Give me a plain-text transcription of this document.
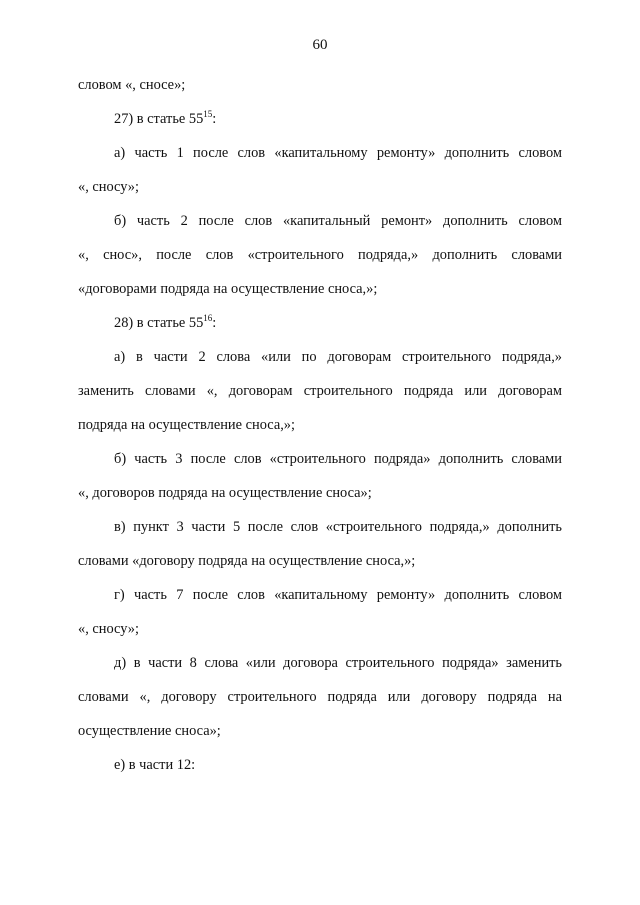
60
словом «, сносе»;
27) в статье $55^{15}$:
а) часть 1 после слов «капитальному ремонту» дополнить словом
«, сносу»;
б) часть 2 после слов «капитальный ремонт» дополнить словом
«, снос», после слов «строительного подряда,» дополнить словами
«договорами подряда на осуществление сноса,»;
28) в статье $55^{16}$:
а) в части 2 слова «или по договорам строительного подряда,»
заменить словами «, договорам строительного подряда или договорам
подряда на осуществление сноса,»;
б) часть 3 после слов «строительного подряда» дополнить словами
«, договоров подряда на осуществление сноса»;
в) пункт 3 части 5 после слов «строительного подряда,» дополнить
словами «договору подряда на осуществление сноса,»;
г) часть 7 после слов «капитальному ремонту» дополнить словом
«, сносу»;
д) в части 8 слова «или договора строительного подряда» заменить
словами «, договору строительного подряда или договору подряда на
осуществление сноса»;
е) в части 12:
